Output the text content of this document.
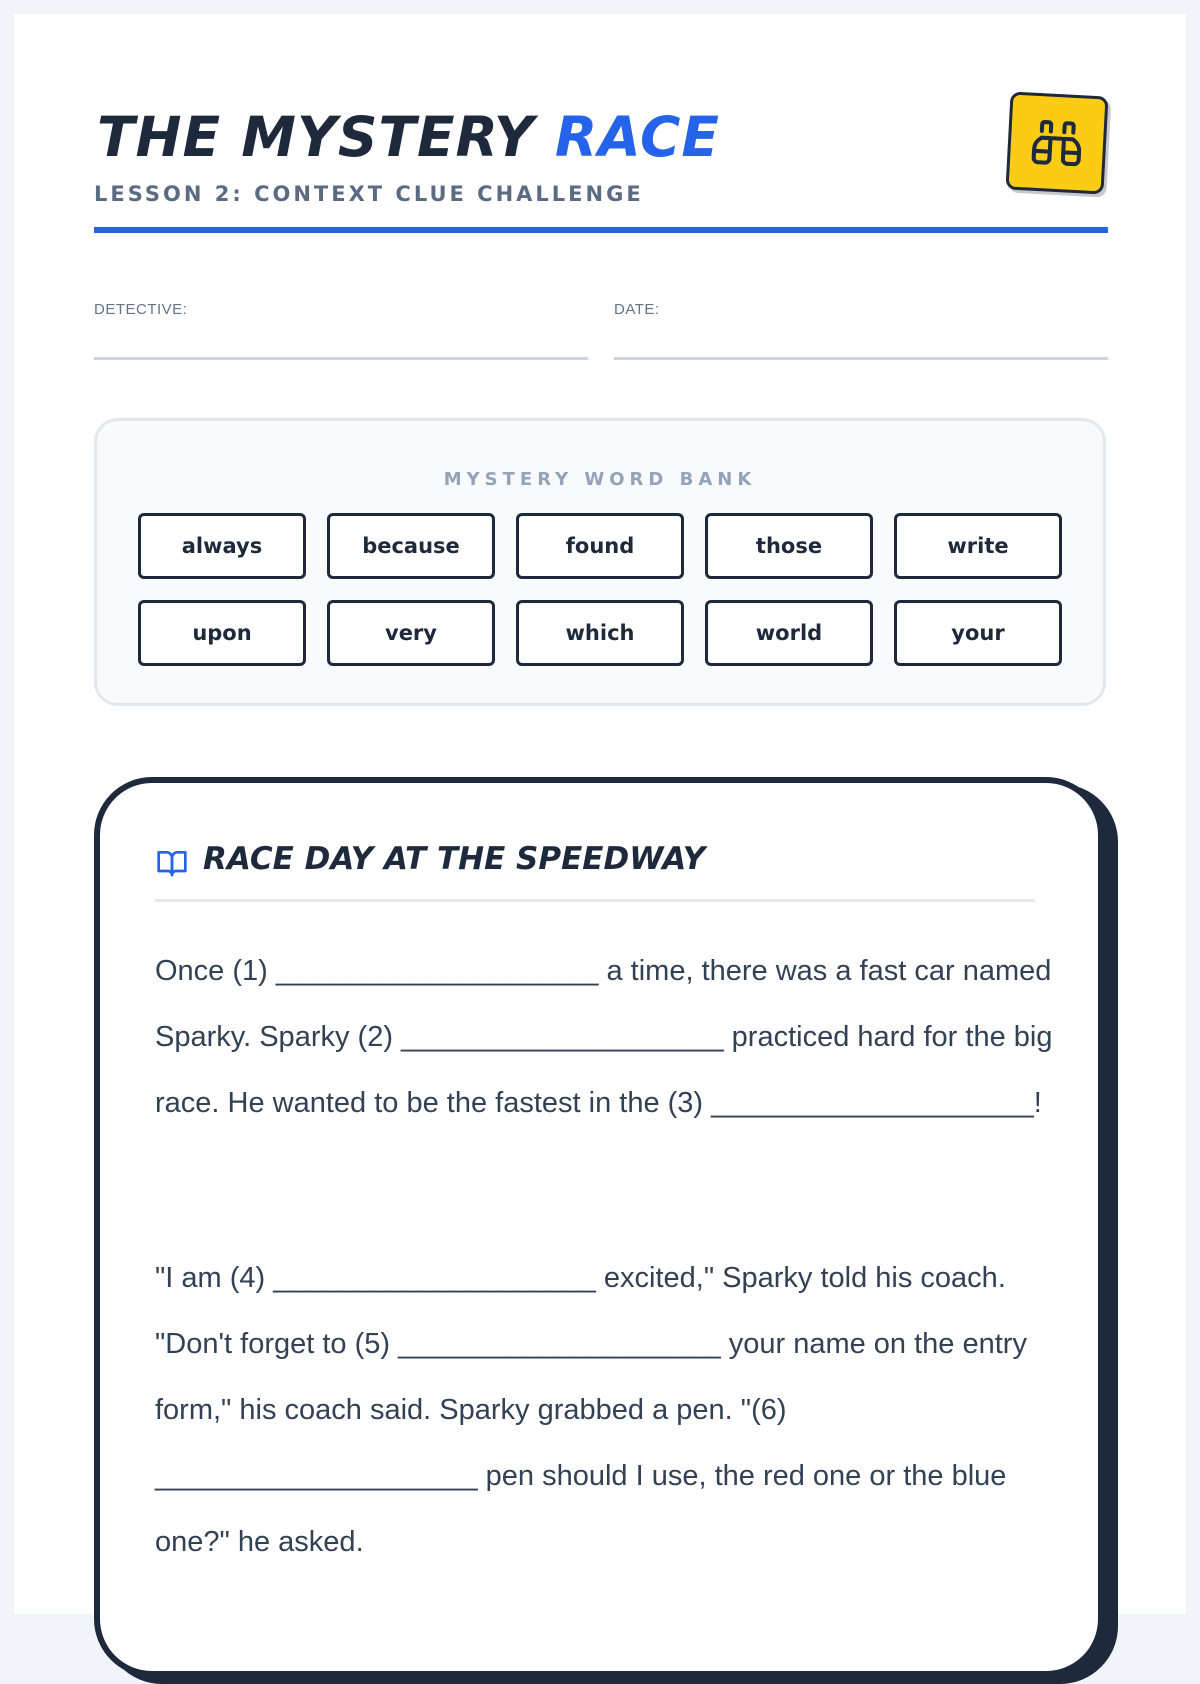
THE MYSTERY RACE
LESSON 2: CONTEXT CLUE CHALLENGE
DETECTIVE:	DATE:
MYSTERY WORD BANK
always	because	found	those	write
upon	very	which	world	your
RACE DAY AT THE SPEEDWAY

Once (1) ____________________ a time, there was a fast car named Sparky. Sparky (2) ____________________ practiced hard for the big race. He wanted to be the fastest in the (3) ____________________!

"I am (4) ____________________ excited," Sparky told his coach. "Don't forget to (5) ____________________ your name on the entry form," his coach said. Sparky grabbed a pen. "(6) ____________________ pen should I use, the red one or the blue one?" he asked.
